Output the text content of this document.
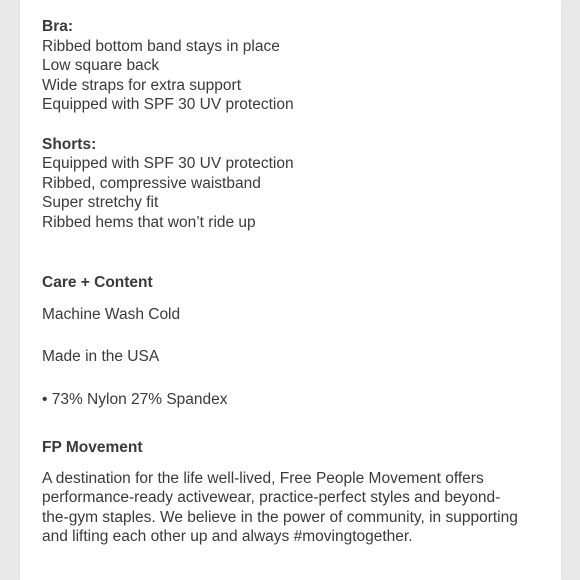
Bra:
Ribbed bottom band stays in place
Low square back
Wide straps for extra support
Equipped with SPF 30 UV protection
Shorts:
Equipped with SPF 30 UV protection
Ribbed, compressive waistband
Super stretchy fit
Ribbed hems that won’t ride up
Care + Content
Machine Wash Cold
Made in the USA
• 73% Nylon 27% Spandex
FP Movement
A destination for the life well-lived, Free People Movement offers
performance-ready activewear, practice-perfect styles and beyond-
the-gym staples. We believe in the power of community, in supporting
and lifting each other up and always #movingtogether.
